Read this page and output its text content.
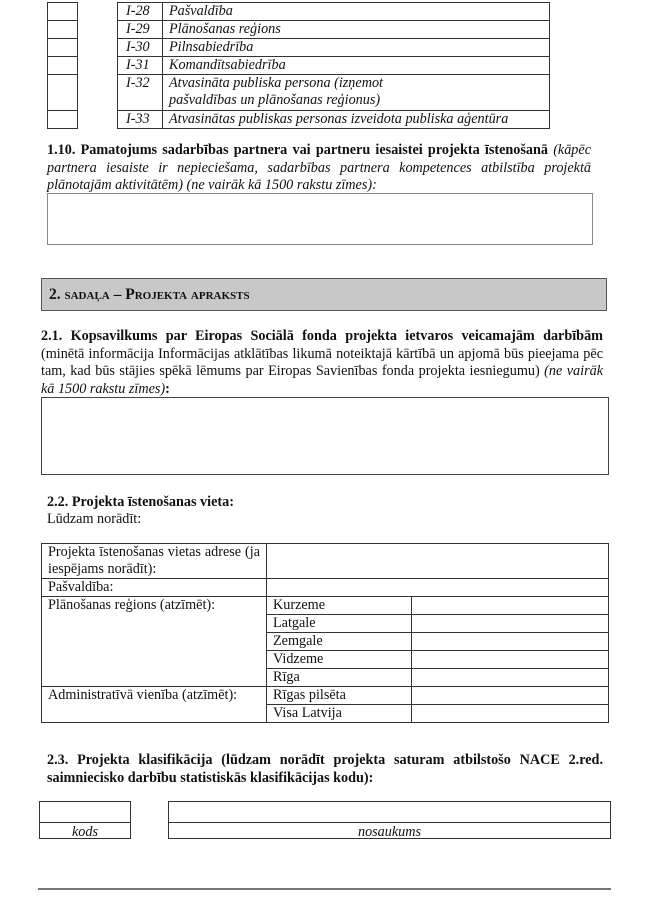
I-28	Pašvaldība
I-29	Plānošanas reģions
I-30	Pilnsabiedrība
I-31	Komandītsabiedrība
I-32	Atvasināta publiska persona (izņemot pašvaldības un plānošanas reģionus)
I-33	Atvasinātas publiskas personas izveidota publiska aģentūra
1.10. Pamatojums sadarbības partnera vai partneru iesaistei projekta īstenošanā (kāpēc partnera iesaiste ir nepieciešama, sadarbības partnera kompetences atbilstība projektā plānotajām aktivitātēm) (ne vairāk kā 1500 rakstu zīmes):
2.
sadaļa – Projekta apraksts
2.1. Kopsavilkums par Eiropas Sociālā fonda projekta ietvaros veicamajām darbībām (minētā informācija Informācijas atklātības likumā noteiktajā kārtībā un apjomā būs pieejama pēc tam, kad būs stājies spēkā lēmums par Eiropas Savienības fonda projekta iesniegumu) (ne vairāk kā 1500 rakstu zīmes):
2.2. Projekta īstenošanas vieta:
Lūdzam norādīt:
Projekta īstenošanas vietas adrese (ja iespējams norādīt):		
Pašvaldība:		
Plānošanas reģions (atzīmēt):	Kurzeme	
	Latgale	
	Zemgale	
	Vidzeme	
	Rīga	
Administratīvā vienība (atzīmēt):	Rīgas pilsēta	
	Visa Latvija	
2.3. Projekta klasifikācija (lūdzam norādīt projekta saturam atbilstošo NACE 2.red. saimniecisko darbību statistiskās klasifikācijas kodu):
kods	nosaukums
